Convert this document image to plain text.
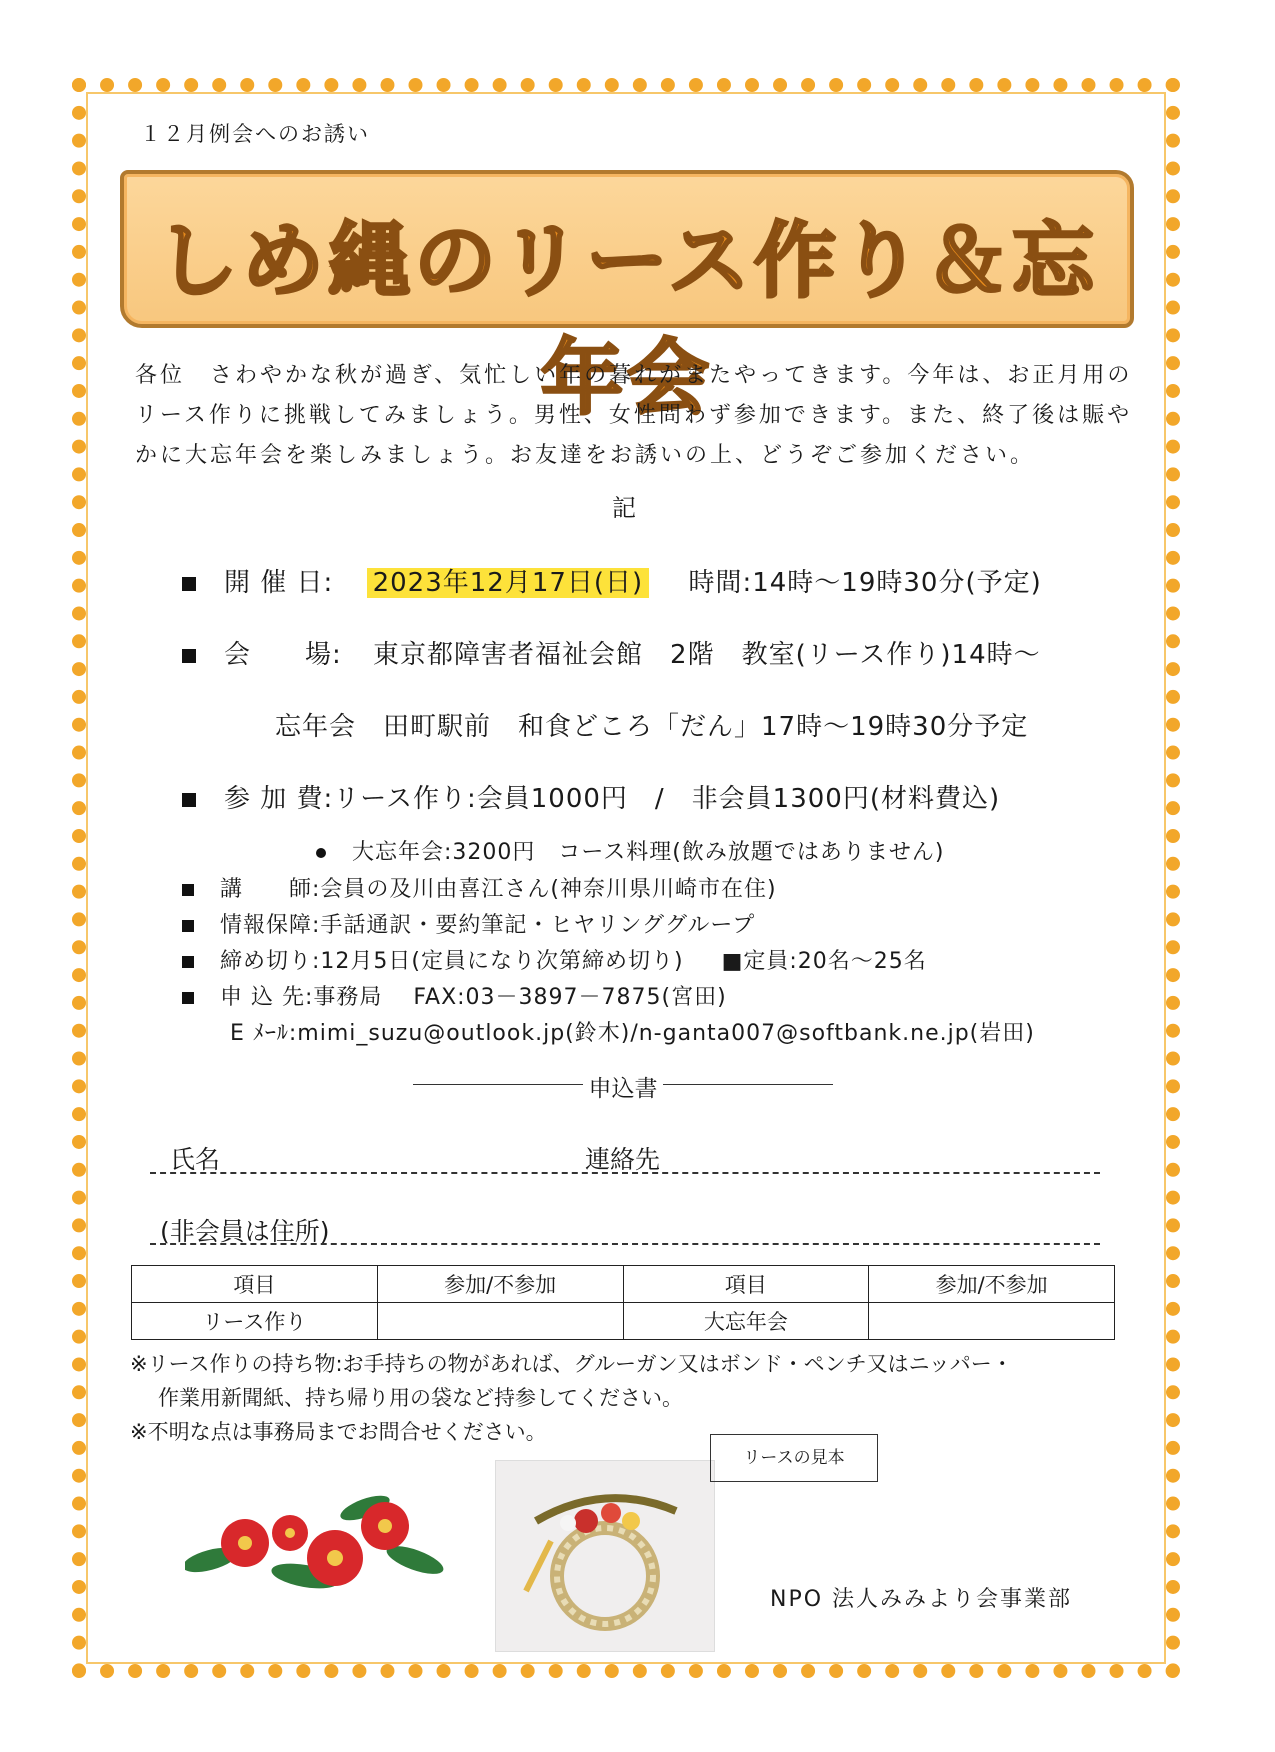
１２月例会へのお誘い
しめ縄のリース作り＆忘年会
各位　さわやかな秋が過ぎ、気忙しい年の暮れがまたやってきます。今年は、お正月用のリース作りに挑戦してみましょう。男性、女性問わず参加できます。また、終了後は賑やかに大忘年会を楽しみましょう。お友達をお誘いの上、どうぞご参加ください。
記
開 催 日: 2023年12月17日(日) 時間:14時～19時30分(予定)
会　　場: 東京都障害者福祉会館　2階　教室(リース作り)14時～
忘年会　田町駅前　和食どころ「だん」17時～19時30分予定
参 加 費:リース作り:会員1000円　/　非会員1300円(材料費込)
大忘年会:3200円　コース料理(飲み放題ではありません)
講　　師:会員の及川由喜江さん(神奈川県川崎市在住)
情報保障:手話通訳・要約筆記・ヒヤリンググループ
締め切り:12月5日(定員になり次第締め切り) ■定員:20名～25名
申 込 先:事務局　 FAX:03－3897－7875(宮田)
E ﾒｰﾙ:mimi_suzu@outlook.jp(鈴木)/n-ganta007@softbank.ne.jp(岩田)
申込書
氏名	連絡先
(非会員は住所)
項目	参加/不参加	項目	参加/不参加
リース作り		大忘年会	
※リース作りの持ち物:お手持ちの物があれば、グルーガン又はボンド・ペンチ又はニッパー・
作業用新聞紙、持ち帰り用の袋など持参してください。
※不明な点は事務局までお問合せください。
リースの見本
NPO 法人みみより会事業部
